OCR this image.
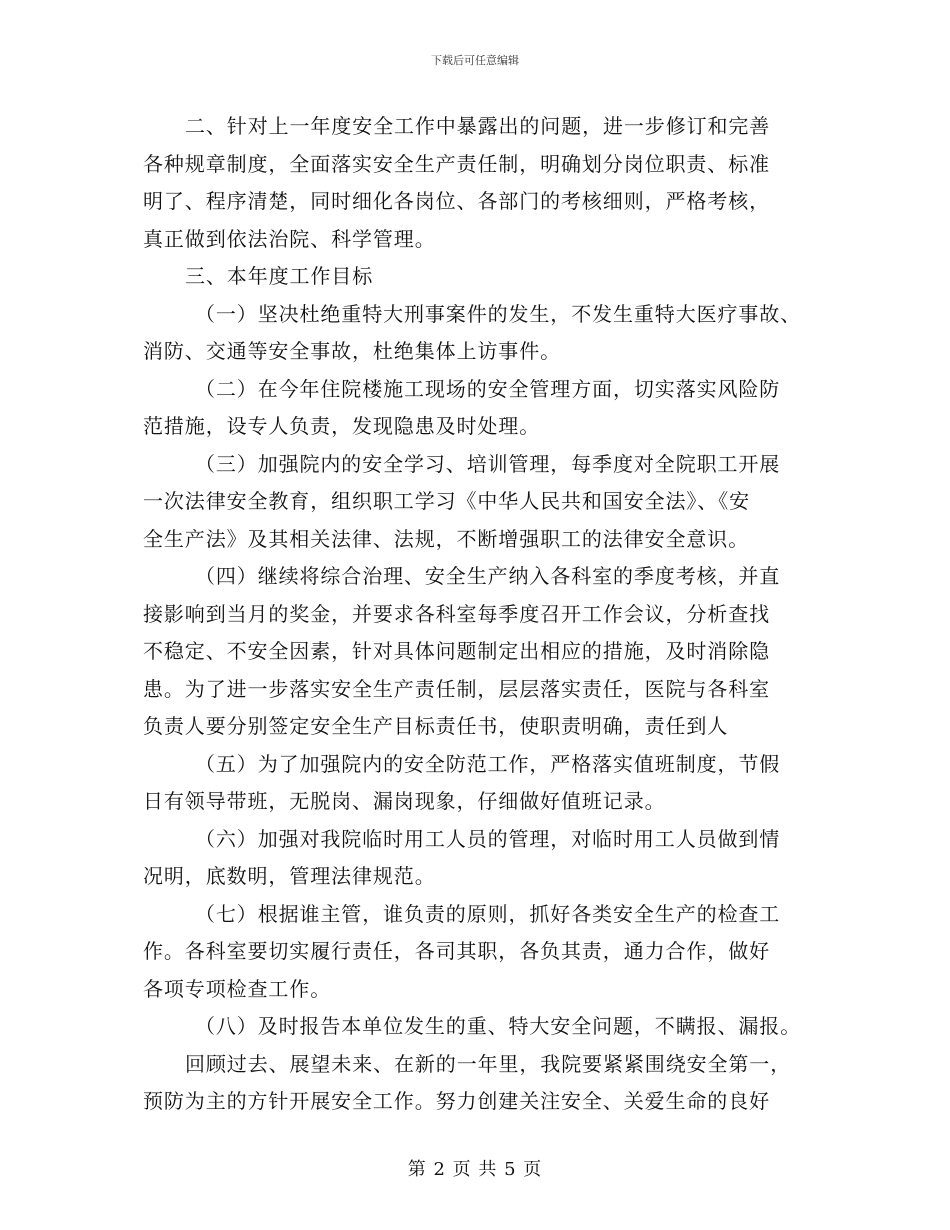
下载后可任意编辑
二、针对上一年度安全工作中暴露出的问题，进一步修订和完善
各种规章制度，全面落实安全生产责任制，明确划分岗位职责、标准
明了、程序清楚，同时细化各岗位、各部门的考核细则，严格考核，
真正做到依法治院、科学管理。
三、本年度工作目标
（一）坚决杜绝重特大刑事案件的发生，不发生重特大医疗事故、
消防、交通等安全事故，杜绝集体上访事件。
（二）在今年住院楼施工现场的安全管理方面，切实落实风险防
范措施，设专人负责，发现隐患及时处理。
（三）加强院内的安全学习、培训管理，每季度对全院职工开展
一次法律安全教育，组织职工学习《中华人民共和国安全法》、《安
全生产法》及其相关法律、法规，不断增强职工的法律安全意识。
（四）继续将综合治理、安全生产纳入各科室的季度考核，并直
接影响到当月的奖金，并要求各科室每季度召开工作会议，分析查找
不稳定、不安全因素，针对具体问题制定出相应的措施，及时消除隐
患。为了进一步落实安全生产责任制，层层落实责任，医院与各科室
负责人要分别签定安全生产目标责任书，使职责明确，责任到人
（五）为了加强院内的安全防范工作，严格落实值班制度，节假
日有领导带班，无脱岗、漏岗现象，仔细做好值班记录。
（六）加强对我院临时用工人员的管理，对临时用工人员做到情
况明，底数明，管理法律规范。
（七）根据谁主管，谁负责的原则，抓好各类安全生产的检查工
作。各科室要切实履行责任，各司其职，各负其责，通力合作，做好
各项专项检查工作。
（八）及时报告本单位发生的重、特大安全问题，不瞒报、漏报。
回顾过去、展望未来、在新的一年里，我院要紧紧围绕安全第一，
预防为主的方针开展安全工作。努力创建关注安全、关爱生命的良好
第 2 页 共 5 页
